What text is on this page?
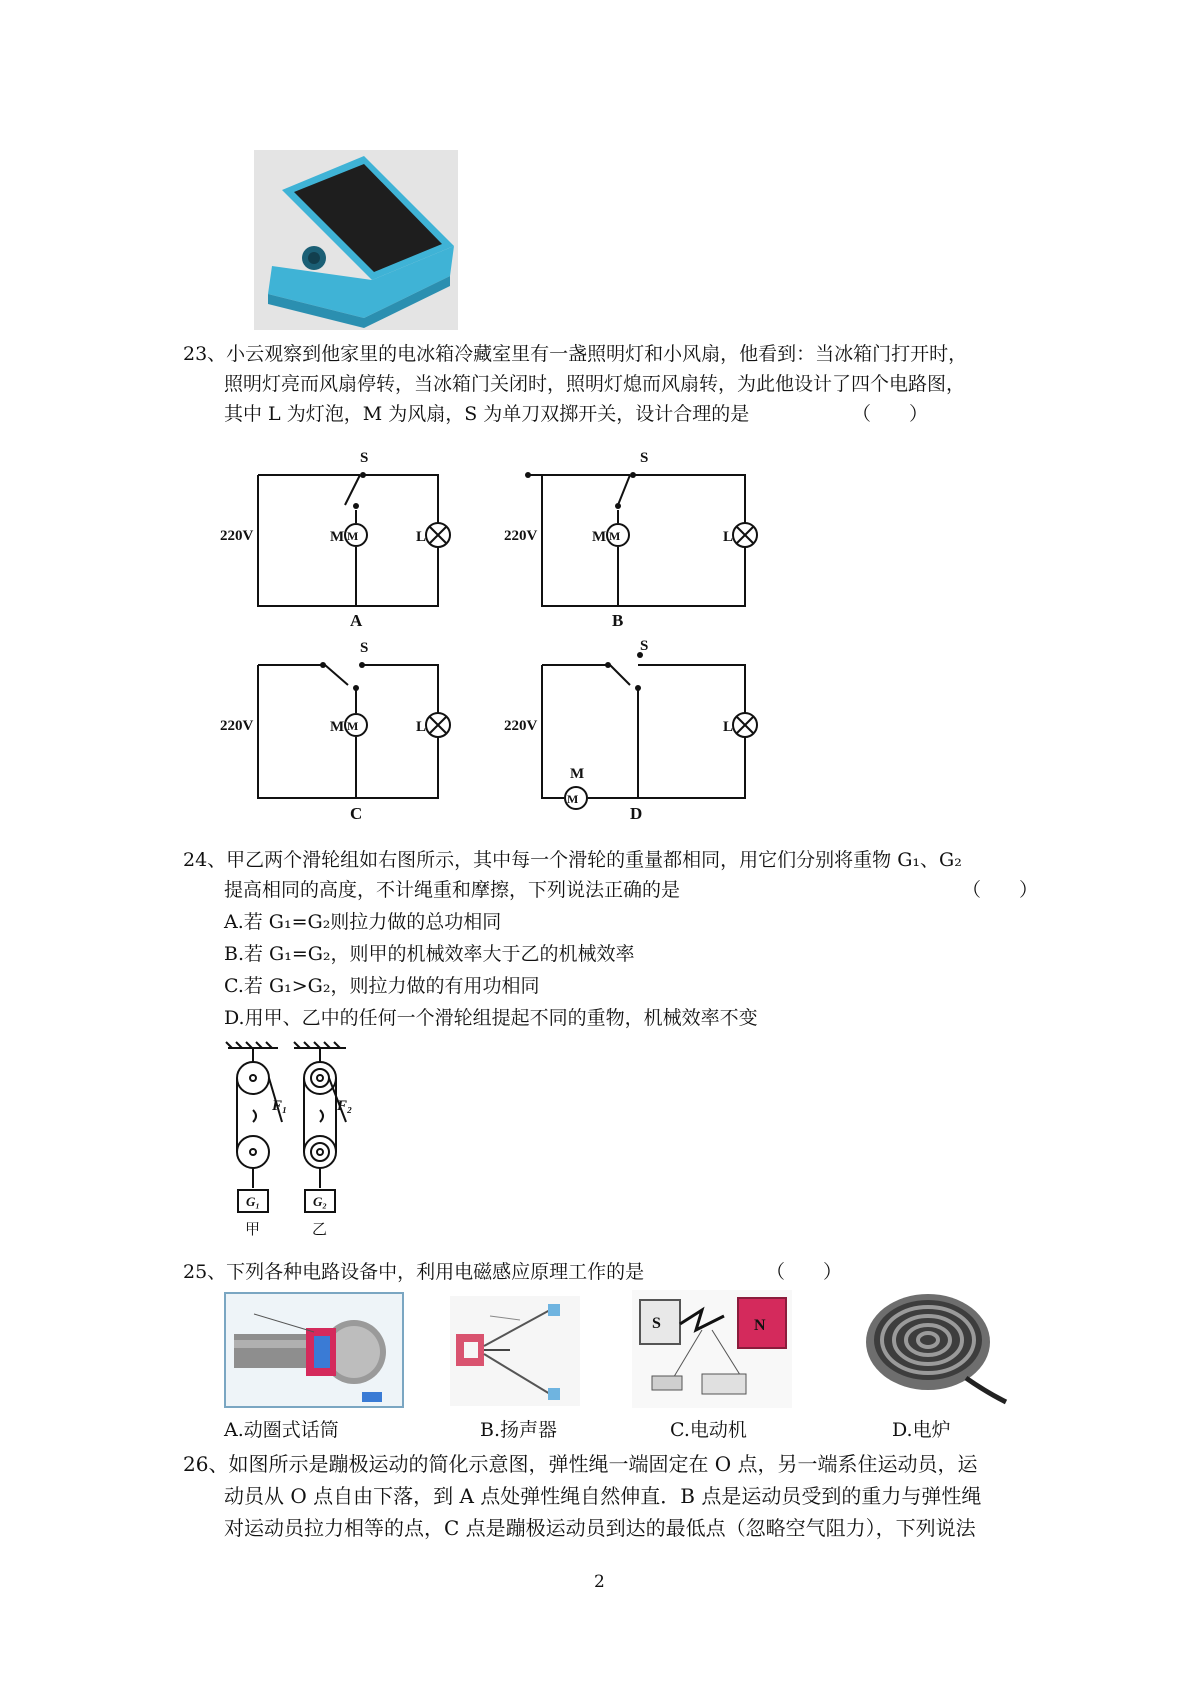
23、小云观察到他家里的电冰箱冷藏室里有一盏照明灯和小风扇，他看到：当冰箱门打开时，
照明灯亮而风扇停转，当冰箱门关闭时，照明灯熄而风扇转，为此他设计了四个电路图，
其中 L 为灯泡，M 为风扇，S 为单刀双掷开关，设计合理的是	（　　）
S
220V	M M	L
A
S
220V	M M	L
B
S
220V	M M	L
C
S
220V
M
M
L
D
24、甲乙两个滑轮组如右图所示，其中每一个滑轮的重量都相同，用它们分别将重物 G₁、G₂
提高相同的高度，不计绳重和摩擦，下列说法正确的是	（　　）
A.若 G₁=G₂则拉力做的总功相同
B.若 G₁=G₂，则甲的机械效率大于乙的机械效率
C.若 G₁>G₂，则拉力做的有用功相同
D.用甲、乙中的任何一个滑轮组提起不同的重物，机械效率不变
F₁	F₂
G₁	G₂
甲	乙
25、下列各种电路设备中，利用电磁感应原理工作的是	（　　）
S	N
A.动圈式话筒	B.扬声器	C.电动机	D.电炉
26、如图所示是蹦极运动的简化示意图，弹性绳一端固定在 O 点，另一端系住运动员，运
动员从 O 点自由下落，到 A 点处弹性绳自然伸直．B 点是运动员受到的重力与弹性绳
对运动员拉力相等的点，C 点是蹦极运动员到达的最低点（忽略空气阻力），下列说法
2
